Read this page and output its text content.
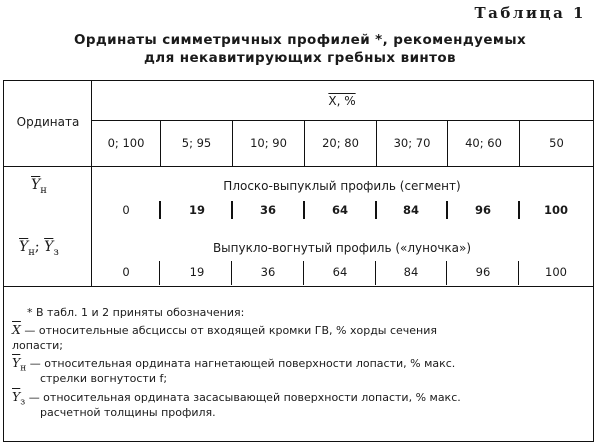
Таблица 1
Ординаты симметричных профилей *, рекомендуемых
для некавитирующих гребных винтов
Ордината
X, %
0; 100	5; 95	10; 90	20; 80	30; 70	40; 60	50
$\overline{Y}_н$	Плоско-выпуклый профиль (сегмент)
0	19	36	64	84	96	100
$\overline{Y}_н$; $\overline{Y}_з$	Выпукло-вогнутый профиль («луночка»)
0	19	36	64	84	96	100
* В табл. 1 и 2 приняты обозначения:
$\overline{X}$ — относительные абсциссы от входящей кромки ГВ, % хорды сечения
лопасти;
$\overline{Y}_н$ — относительная ордината нагнетающей поверхности лопасти, % макс.
стрелки вогнутости f;
$\overline{Y}_з$ — относительная ордината засасывающей поверхности лопасти, % макс.
расчетной толщины профиля.
